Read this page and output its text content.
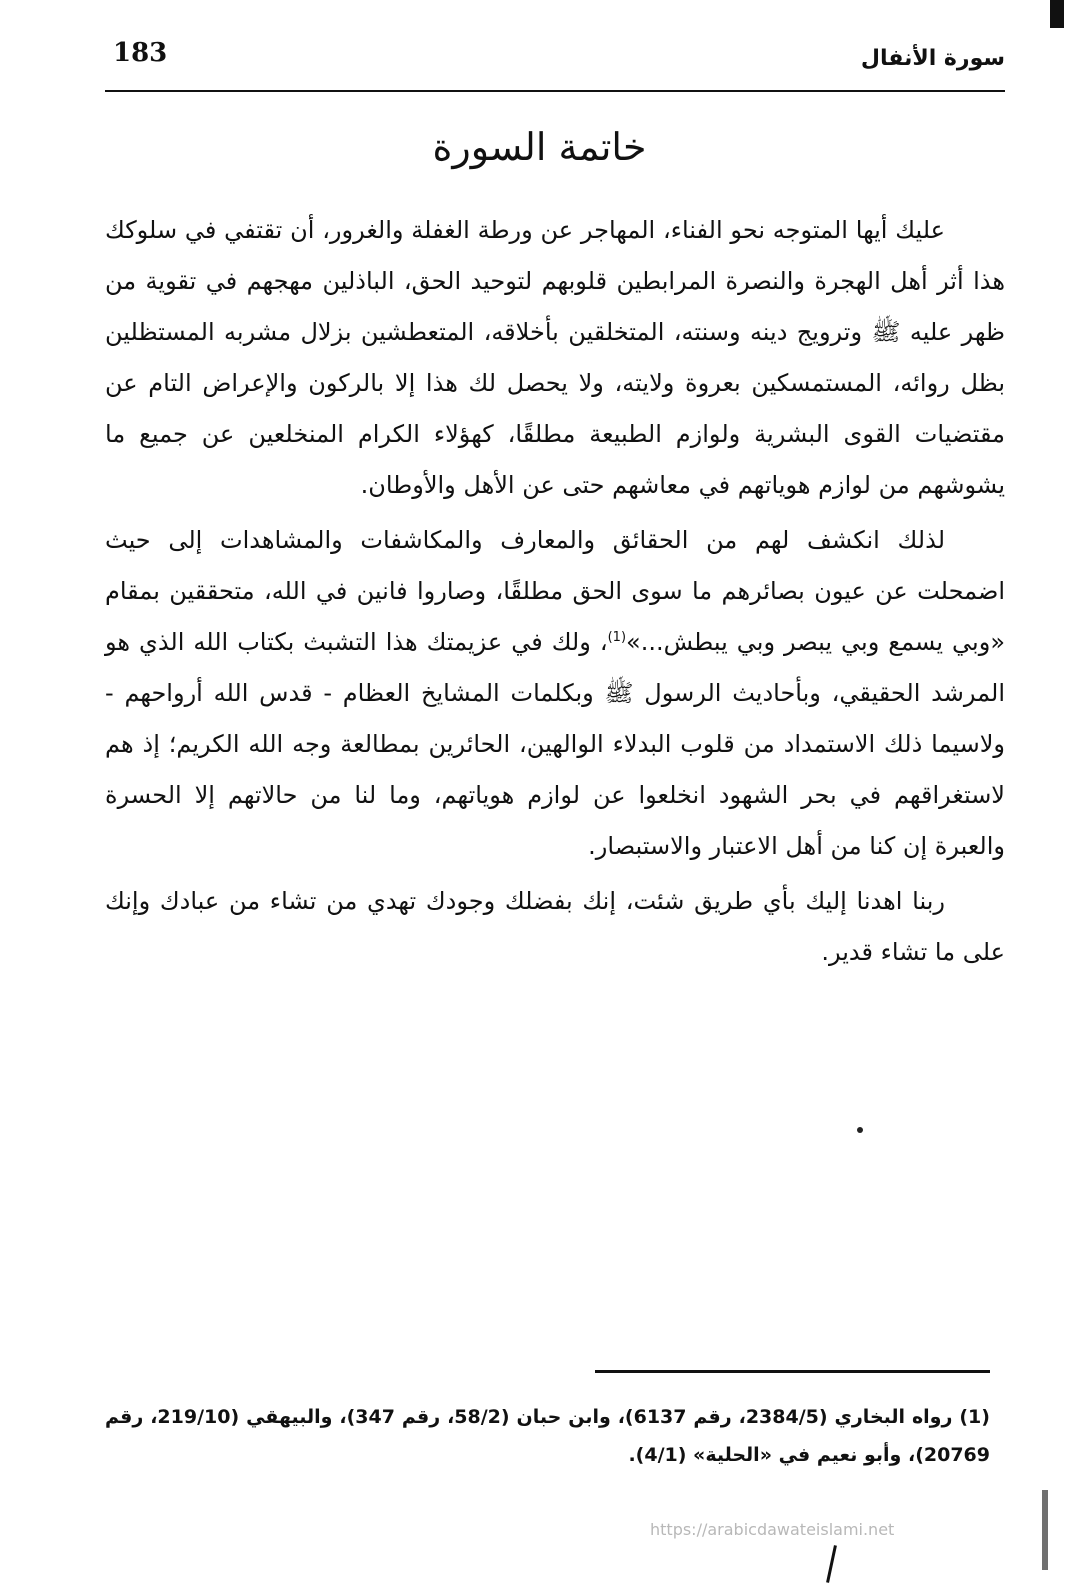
183	سورة الأنفال
خاتمة السورة

عليك أيها المتوجه نحو الفناء، المهاجر عن ورطة الغفلة والغرور، أن تقتفي في سلوكك هذا أثر أهل الهجرة والنصرة المرابطين قلوبهم لتوحيد الحق، الباذلين مهجهم في تقوية من ظهر عليه ﷺ وترويج دينه وسنته، المتخلقين بأخلاقه، المتعطشين بزلال مشربه المستظلين بظل روائه، المستمسكين بعروة ولايته، ولا يحصل لك هذا إلا بالركون والإعراض التام عن مقتضيات القوى البشرية ولوازم الطبيعة مطلقًا، كهؤلاء الكرام المنخلعين عن جميع ما يشوشهم من لوازم هوياتهم في معاشهم حتى عن الأهل والأوطان.

لذلك انكشف لهم من الحقائق والمعارف والمكاشفات والمشاهدات إلى حيث اضمحلت عن عيون بصائرهم ما سوى الحق مطلقًا، وصاروا فانين في الله، متحققين بمقام «وبي يسمع وبي يبصر وبي يبطش...»$^{(1)}$، ولك في عزيمتك هذا التشبث بكتاب الله الذي هو المرشد الحقيقي، وبأحاديث الرسول ﷺ وبكلمات المشايخ العظام - قدس الله أرواحهم - ولاسيما ذلك الاستمداد من قلوب البدلاء الوالهين، الحائرين بمطالعة وجه الله الكريم؛ إذ هم لاستغراقهم في بحر الشهود انخلعوا عن لوازم هوياتهم، وما لنا من حالاتهم إلا الحسرة والعبرة إن كنا من أهل الاعتبار والاستبصار.

ربنا اهدنا إليك بأي طريق شئت، إنك بفضلك وجودك تهدي من تشاء من عبادك وإنك على ما تشاء قدير.

(1) رواه البخاري (2384/5، رقم 6137)، وابن حبان (58/2، رقم 347)، والبيهقي (219/10، رقم 20769)، وأبو نعيم في «الحلية» (4/1).
https://arabicdawateislami.net
